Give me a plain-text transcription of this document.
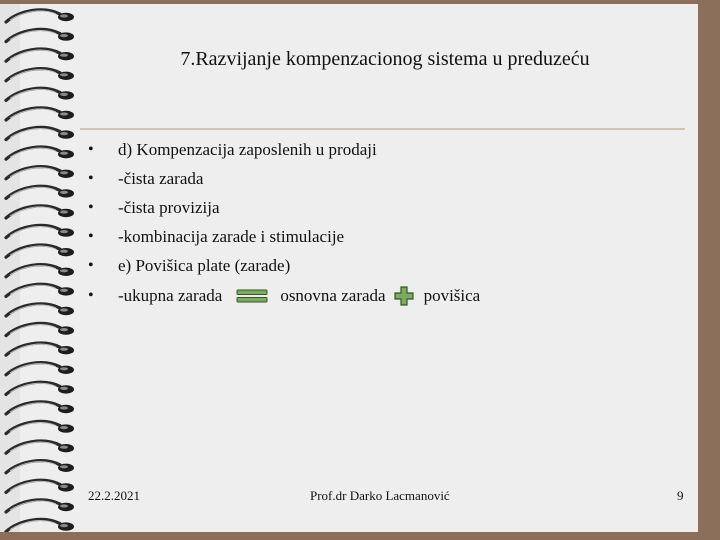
7.Razvijanje kompenzacionog sistema u preduzeću
•	d) Kompenzacija zaposlenih u prodaji
•	-čista zarada
•	-čista provizija
•	-kombinacija zarade i stimulacije
•	e) Povišica plate (zarade)
•	-ukupna zarada	osnovna zarada povišica
22.2.2021	Prof.dr Darko Lacmanović	9
